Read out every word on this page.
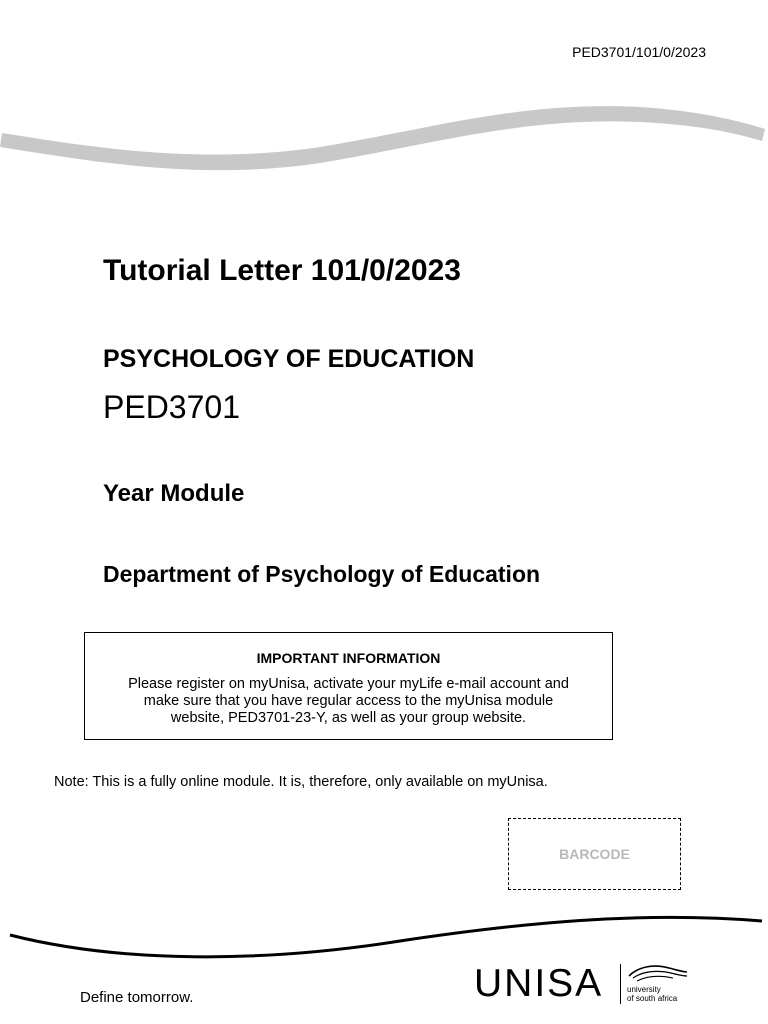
PED3701/101/0/2023
Tutorial Letter 101/0/2023
PSYCHOLOGY OF EDUCATION
PED3701
Year Module
Department of Psychology of Education
IMPORTANT INFORMATION
Please register on myUnisa, activate your myLife e-mail account and make sure that you have regular access to the myUnisa module website, PED3701-23-Y, as well as your group website.
Note: This is a fully online module. It is, therefore, only available on myUnisa.
BARCODE
Define tomorrow.	UNISA	university
of south africa
